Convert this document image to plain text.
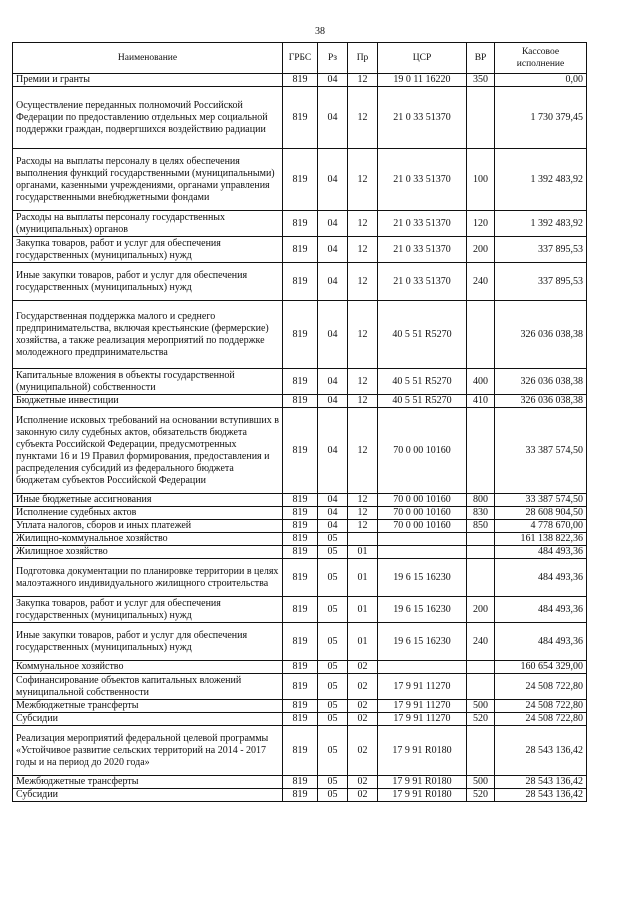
38
Наименование	ГРБС	Рз	Пр	ЦСР	ВР	Кассовое исполнение
Премии и гранты	819	04	12	19 0 11 16220	350	0,00
Осуществление переданных полномочий Российской Федерации по предоставлению отдельных мер социальной поддержки граждан, подвергшихся воздействию радиации	819	04	12	21 0 33 51370		1 730 379,45
Расходы на выплаты персоналу в целях обеспечения выполнения функций государственными (муниципальными) органами, казенными учреждениями, органами управления государственными внебюджетными фондами	819	04	12	21 0 33 51370	100	1 392 483,92
Расходы на выплаты персоналу государственных (муниципальных) органов	819	04	12	21 0 33 51370	120	1 392 483,92
Закупка товаров, работ и услуг для обеспечения государственных (муниципальных) нужд	819	04	12	21 0 33 51370	200	337 895,53
Иные закупки товаров, работ и услуг для обеспечения государственных (муниципальных) нужд	819	04	12	21 0 33 51370	240	337 895,53
Государственная поддержка малого и среднего предпринимательства, включая крестьянские (фермерские) хозяйства, а также реализация мероприятий по поддержке молодежного предпринимательства	819	04	12	40 5 51 R5270		326 036 038,38
Капитальные вложения в объекты государственной (муниципальной) собственности	819	04	12	40 5 51 R5270	400	326 036 038,38
Бюджетные инвестиции	819	04	12	40 5 51 R5270	410	326 036 038,38
Исполнение исковых требований на основании вступивших в законную силу судебных актов, обязательств бюджета субъекта Российской Федерации, предусмотренных пунктами 16 и 19 Правил формирования, предоставления и распределения субсидий из федерального бюджета бюджетам субъектов Российской Федерации	819	04	12	70 0 00 10160		33 387 574,50
Иные бюджетные ассигнования	819	04	12	70 0 00 10160	800	33 387 574,50
Исполнение судебных актов	819	04	12	70 0 00 10160	830	28 608 904,50
Уплата налогов, сборов и иных платежей	819	04	12	70 0 00 10160	850	4 778 670,00
Жилищно-коммунальное хозяйство	819	05				161 138 822,36
Жилищное хозяйство	819	05	01			484 493,36
Подготовка документации по планировке территории в целях малоэтажного индивидуального жилищного строительства	819	05	01	19 6 15 16230		484 493,36
Закупка товаров, работ и услуг для обеспечения государственных (муниципальных) нужд	819	05	01	19 6 15 16230	200	484 493,36
Иные закупки товаров, работ и услуг для обеспечения государственных (муниципальных) нужд	819	05	01	19 6 15 16230	240	484 493,36
Коммунальное хозяйство	819	05	02			160 654 329,00
Софинансирование объектов капитальных вложений муниципальной собственности	819	05	02	17 9 91 11270		24 508 722,80
Межбюджетные трансферты	819	05	02	17 9 91 11270	500	24 508 722,80
Субсидии	819	05	02	17 9 91 11270	520	24 508 722,80
Реализация мероприятий федеральной целевой программы «Устойчивое развитие сельских территорий на 2014 - 2017 годы и на период до 2020 года»	819	05	02	17 9 91 R0180		28 543 136,42
Межбюджетные трансферты	819	05	02	17 9 91 R0180	500	28 543 136,42
Субсидии	819	05	02	17 9 91 R0180	520	28 543 136,42
